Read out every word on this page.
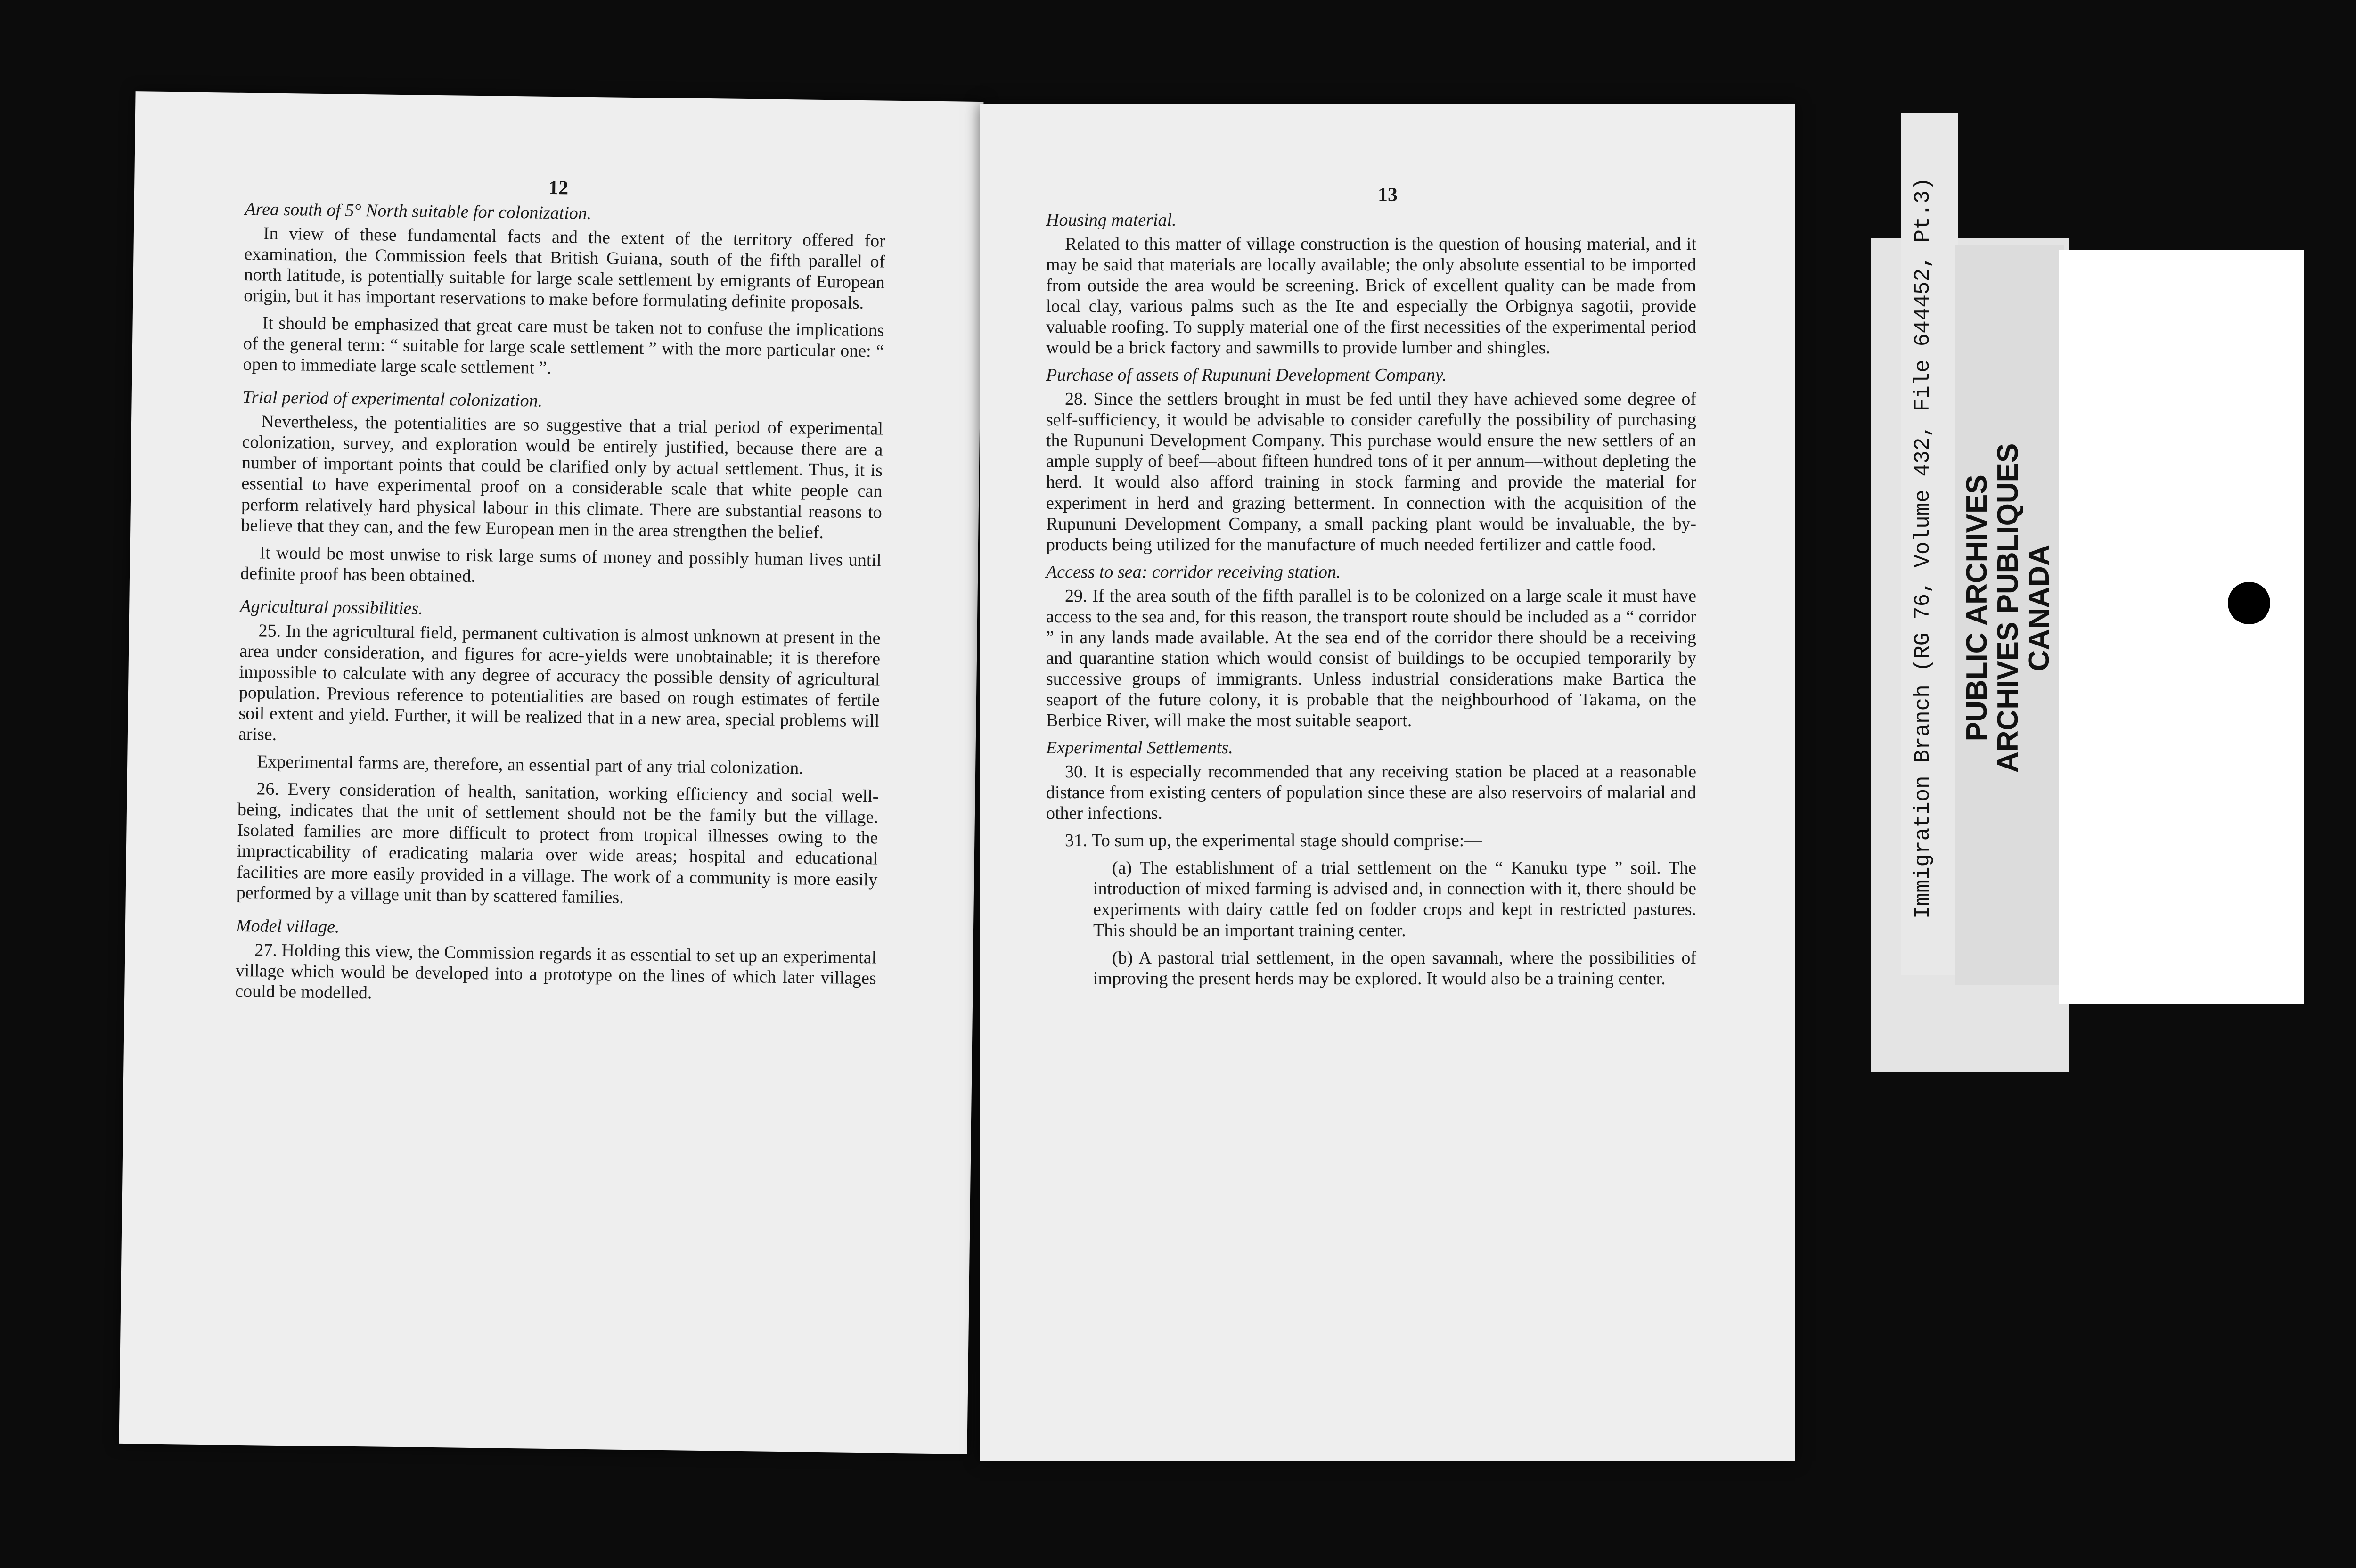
12
Area south of 5° North suitable for colonization.

In view of these fundamental facts and the extent of the territory offered for examination, the Commission feels that British Guiana, south of the fifth parallel of north latitude, is potentially suitable for large scale settlement by emigrants of European origin, but it has important reservations to make before formulating definite proposals.

It should be emphasized that great care must be taken not to confuse the implications of the general term: “ suitable for large scale settlement ” with the more particular one: “ open to immediate large scale settlement ”.

Trial period of experimental colonization.

Nevertheless, the potentialities are so suggestive that a trial period of experimental colonization, survey, and exploration would be entirely justified, because there are a number of important points that could be clarified only by actual settlement. Thus, it is essential to have experimental proof on a considerable scale that white people can perform relatively hard physical labour in this climate. There are substantial reasons to believe that they can, and the few European men in the area strengthen the belief.

It would be most unwise to risk large sums of money and possibly human lives until definite proof has been obtained.

Agricultural possibilities.

25. In the agricultural field, permanent cultivation is almost unknown at present in the area under consideration, and figures for acre-yields were unobtainable; it is therefore impossible to calculate with any degree of accuracy the possible density of agricultural population. Previous reference to potentialities are based on rough estimates of fertile soil extent and yield. Further, it will be realized that in a new area, special problems will arise.

Experimental farms are, therefore, an essential part of any trial colonization.

26. Every consideration of health, sanitation, working efficiency and social well-being, indicates that the unit of settlement should not be the family but the village. Isolated families are more difficult to protect from tropical illnesses owing to the impracticability of eradicating malaria over wide areas; hospital and educational facilities are more easily provided in a village. The work of a community is more easily performed by a village unit than by scattered families.

Model village.

27. Holding this view, the Commission regards it as essential to set up an experimental village which would be developed into a prototype on the lines of which later villages could be modelled.

13
Housing material.

Related to this matter of village construction is the question of housing material, and it may be said that materials are locally available; the only absolute essential to be imported from outside the area would be screening. Brick of excellent quality can be made from local clay, various palms such as the Ite and especially the Orbignya sagotii, provide valuable roofing. To supply material one of the first necessities of the experimental period would be a brick factory and sawmills to provide lumber and shingles.

Purchase of assets of Rupununi Development Company.

28. Since the settlers brought in must be fed until they have achieved some degree of self-sufficiency, it would be advisable to consider carefully the possibility of purchasing the Rupununi Development Company. This purchase would ensure the new settlers of an ample supply of beef—about fifteen hundred tons of it per annum—without depleting the herd. It would also afford training in stock farming and provide the material for experiment in herd and grazing betterment. In connection with the acquisition of the Rupununi Development Company, a small packing plant would be invaluable, the by-products being utilized for the manufacture of much needed fertilizer and cattle food.

Access to sea: corridor receiving station.

29. If the area south of the fifth parallel is to be colonized on a large scale it must have access to the sea and, for this reason, the transport route should be included as a “ corridor ” in any lands made available. At the sea end of the corridor there should be a receiving and quarantine station which would consist of buildings to be occupied temporarily by successive groups of immigrants. Unless industrial considerations make Bartica the seaport of the future colony, it is probable that the neighbourhood of Takama, on the Berbice River, will make the most suitable seaport.

Experimental Settlements.

30. It is especially recommended that any receiving station be placed at a reasonable distance from existing centers of population since these are also reservoirs of malarial and other infections.

31. To sum up, the experimental stage should comprise:—

(a) The establishment of a trial settlement on the “ Kanuku type ” soil. The introduction of mixed farming is advised and, in connection with it, there should be experiments with dairy cattle fed on fodder crops and kept in restricted pastures. This should be an important training center.

(b) A pastoral trial settlement, in the open savannah, where the possibilities of improving the present herds may be explored. It would also be a training center.

Immigration Branch (RG 76, Volume 432, File 644452, Pt.3) PUBLIC ARCHIVES
ARCHIVES PUBLIQUES
CANADA
